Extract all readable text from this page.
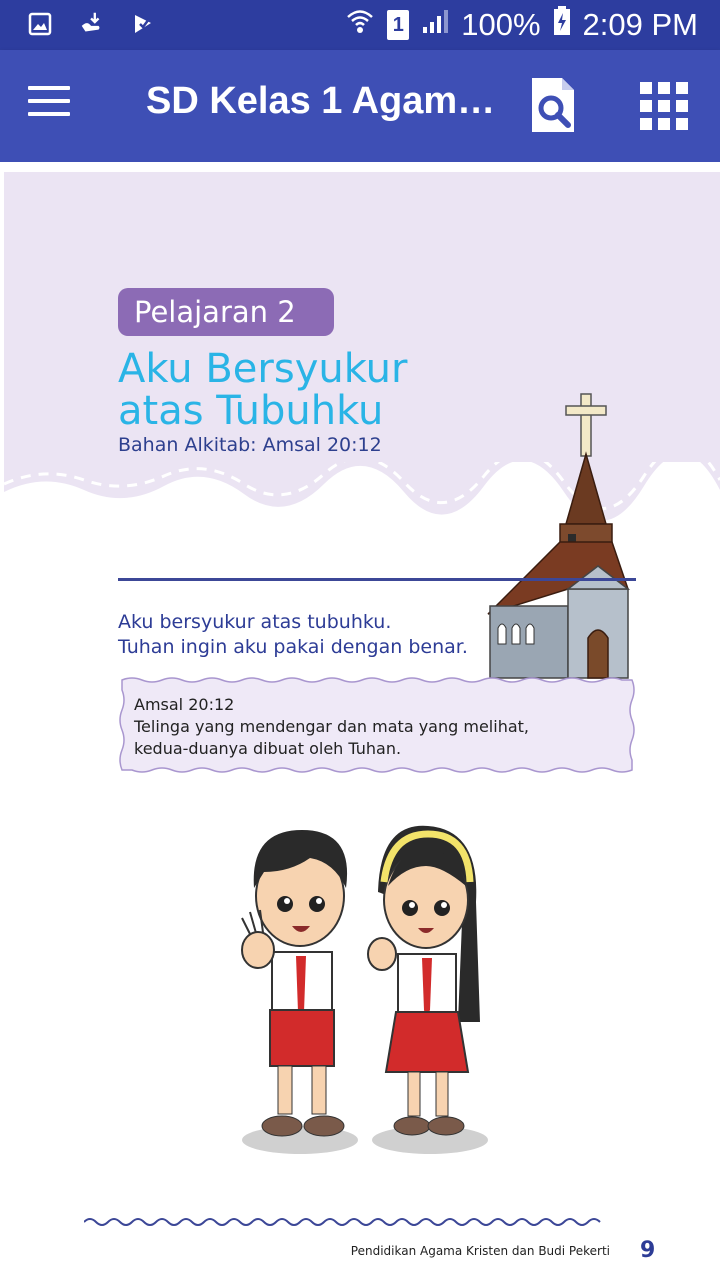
1 100% 2:09 PM
SD Kelas 1 Agam…
Pelajaran 2
Aku Bersyukur
atas Tubuhku
Bahan Alkitab: Amsal 20:12
Aku bersyukur atas tubuhku.
Tuhan ingin aku pakai dengan benar.
Amsal 20:12
Telinga yang mendengar dan mata yang melihat,
kedua-duanya dibuat oleh Tuhan.
Pendidikan Agama Kristen dan Budi Pekerti 9
